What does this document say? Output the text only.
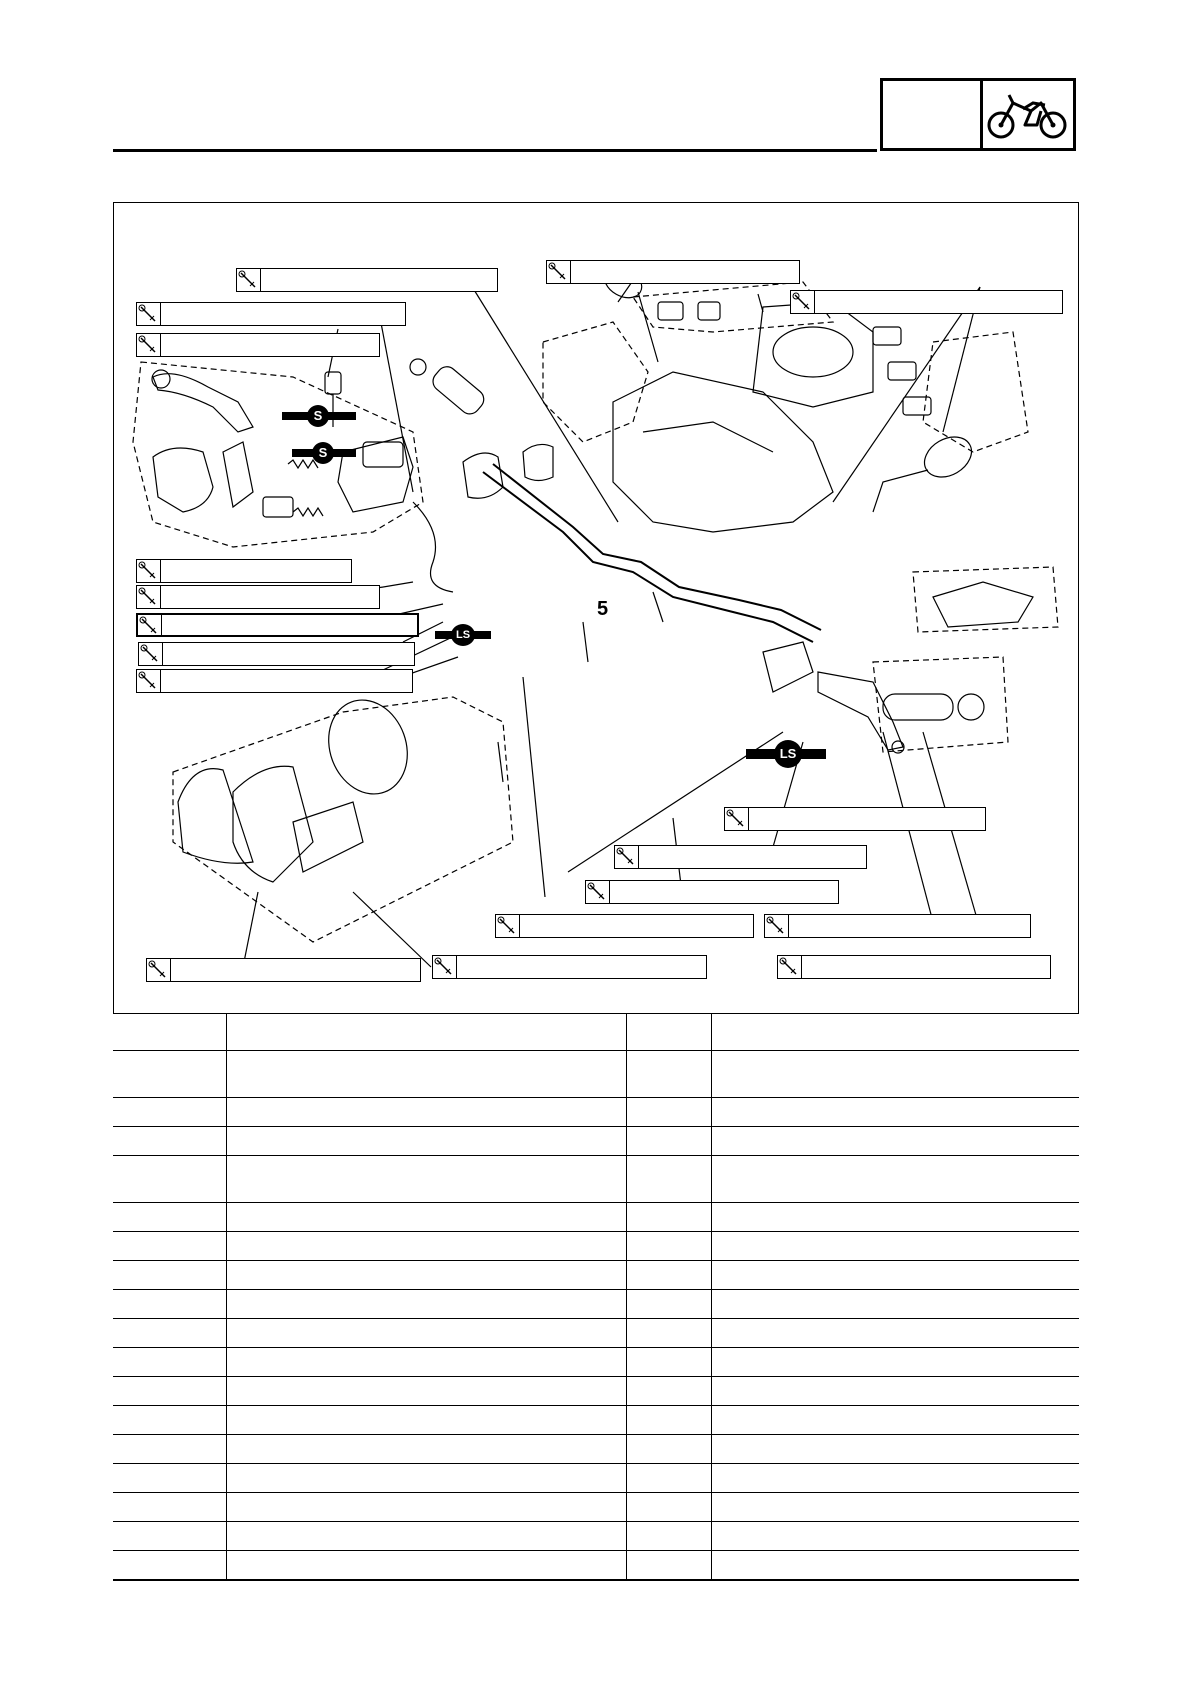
5
S
S
LS
LS
